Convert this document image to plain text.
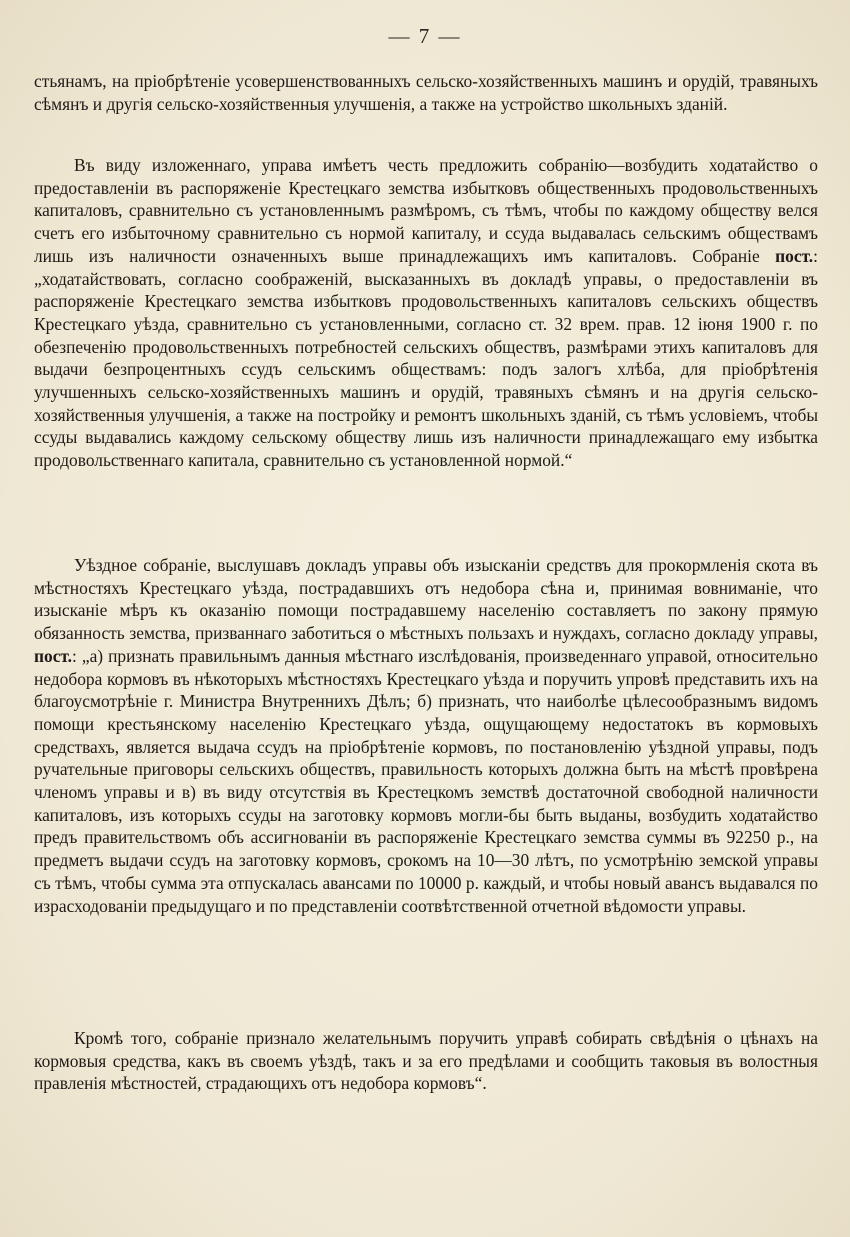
— 7 —

стьянамъ, на пріобрѣтеніе усовершенствованныхъ сельско-хозяйственныхъ машинъ и орудій, травяныхъ сѣмянъ и другія сельско-хозяйственныя улучшенія, а также на устройство школьныхъ зданій.

Въ виду изложеннаго, управа имѣетъ честь предложить собранію—возбудить ходатайство о предоставленіи въ распоряженіе Крестецкаго земства избытковъ общественныхъ продовольственныхъ капиталовъ, сравнительно съ установленнымъ размѣромъ, съ тѣмъ, чтобы по каждому обществу велся счетъ его избыточному сравнительно съ нормой капиталу, и ссуда выдавалась сельскимъ обществамъ лишь изъ наличности означенныхъ выше принадлежащихъ имъ капиталовъ. Собраніе пост.: „ходатайствовать, согласно соображеній, высказанныхъ въ докладѣ управы, о предоставленіи въ распоряженіе Крестецкаго земства избытковъ продовольственныхъ капиталовъ сельскихъ обществъ Крестецкаго уѣзда, сравнительно съ установленными, согласно ст. 32 врем. прав. 12 іюня 1900 г. по обезпеченію продовольственныхъ потребностей сельскихъ обществъ, размѣрами этихъ капиталовъ для выдачи безпроцентныхъ ссудъ сельскимъ обществамъ: подъ залогъ хлѣба, для пріобрѣтенія улучшенныхъ сельско-хозяйственныхъ машинъ и орудій, травяныхъ сѣмянъ и на другія сельско-хозяйственныя улучшенія, а также на постройку и ремонтъ школьныхъ зданій, съ тѣмъ условіемъ, чтобы ссуды выдавались каждому сельскому обществу лишь изъ наличности принадлежащаго ему избытка продовольственнаго капитала, сравнительно съ установленной нормой.“

Уѣздное собраніе, выслушавъ докладъ управы объ изысканіи средствъ для прокормленія скота въ мѣстностяхъ Крестецкаго уѣзда, пострадавшихъ отъ недобора сѣна и, принимая вовниманіе, что изысканіе мѣръ къ оказанію помощи пострадавшему населенію составляетъ по закону прямую обязанность земства, призваннаго заботиться о мѣстныхъ пользахъ и нуждахъ, согласно докладу управы, пост.: „а) признать правильнымъ данныя мѣстнаго изслѣдованія, произведеннаго управой, относительно недобора кормовъ въ нѣкоторыхъ мѣстностяхъ Крестецкаго уѣзда и поручить упровѣ представить ихъ на благоусмотрѣніе г. Министра Внутреннихъ Дѣлъ; б) признать, что наиболѣе цѣлесообразнымъ видомъ помощи крестьянскому населенію Крестецкаго уѣзда, ощущающему недостатокъ въ кормовыхъ средствахъ, является выдача ссудъ на пріобрѣтеніе кормовъ, по постановленію уѣздной управы, подъ ручательные приговоры сельскихъ обществъ, правильность которыхъ должна быть на мѣстѣ провѣрена членомъ управы и в) въ виду отсутствія въ Крестецкомъ земствѣ достаточной свободной наличности капиталовъ, изъ которыхъ ссуды на заготовку кормовъ могли-бы быть выданы, возбудить ходатайство предъ правительствомъ объ ассигнованіи въ распоряженіе Крестецкаго земства суммы въ 92250 р., на предметъ выдачи ссудъ на заготовку кормовъ, срокомъ на 10—30 лѣтъ, по усмотрѣнію земской управы съ тѣмъ, чтобы сумма эта отпускалась авансами по 10000 р. каждый, и чтобы новый авансъ выдавался по израсходованіи предыдущаго и по представленіи соотвѣтственной отчетной вѣдомости управы.

Кромѣ того, собраніе признало желательнымъ поручить управѣ собирать свѣдѣнія о цѣнахъ на кормовыя средства, какъ въ своемъ уѣздѣ, такъ и за его предѣлами и сообщить таковыя въ волостныя правленія мѣстностей, страдающихъ отъ недобора кормовъ“.
